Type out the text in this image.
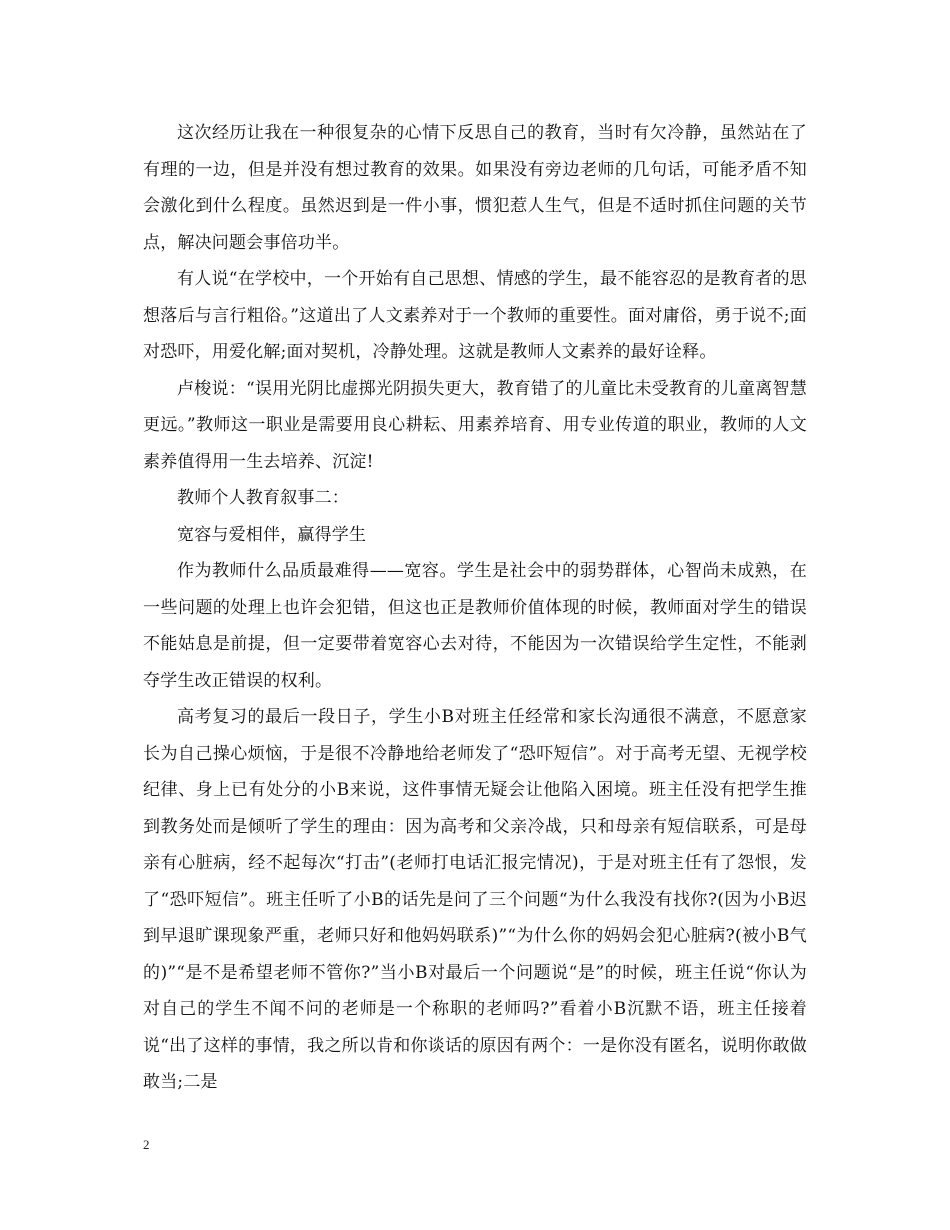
这次经历让我在一种很复杂的心情下反思自己的教育，当时有欠冷静，虽然站在了有理的一边，但是并没有想过教育的效果。如果没有旁边老师的几句话，可能矛盾不知会激化到什么程度。虽然迟到是一件小事，惯犯惹人生气，但是不适时抓住问题的关节点，解决问题会事倍功半。

有人说“在学校中，一个开始有自己思想、情感的学生，最不能容忍的是教育者的思想落后与言行粗俗。”这道出了人文素养对于一个教师的重要性。面对庸俗，勇于说不;面对恐吓，用爱化解;面对契机，冷静处理。这就是教师人文素养的最好诠释。

卢梭说：“误用光阴比虚掷光阴损失更大，教育错了的儿童比未受教育的儿童离智慧更远。”教师这一职业是需要用良心耕耘、用素养培育、用专业传道的职业，教师的人文素养值得用一生去培养、沉淀!

教师个人教育叙事二：

宽容与爱相伴，赢得学生

作为教师什么品质最难得——宽容。学生是社会中的弱势群体，心智尚未成熟，在一些问题的处理上也许会犯错，但这也正是教师价值体现的时候，教师面对学生的错误不能姑息是前提，但一定要带着宽容心去对待，不能因为一次错误给学生定性，不能剥夺学生改正错误的权利。

高考复习的最后一段日子，学生小B对班主任经常和家长沟通很不满意，不愿意家长为自己操心烦恼，于是很不冷静地给老师发了“恐吓短信”。对于高考无望、无视学校纪律、身上已有处分的小B来说，这件事情无疑会让他陷入困境。班主任没有把学生推到教务处而是倾听了学生的理由：因为高考和父亲冷战，只和母亲有短信联系，可是母亲有心脏病，经不起每次“打击”(老师打电话汇报完情况)，于是对班主任有了怨恨，发了“恐吓短信”。班主任听了小B的话先是问了三个问题“为什么我没有找你?(因为小B迟到早退旷课现象严重，老师只好和他妈妈联系)”“为什么你的妈妈会犯心脏病?(被小B气的)”“是不是希望老师不管你?”当小B对最后一个问题说“是”的时候，班主任说“你认为对自己的学生不闻不问的老师是一个称职的老师吗?”看着小B沉默不语，班主任接着说“出了这样的事情，我之所以肯和你谈话的原因有两个：一是你没有匿名，说明你敢做敢当;二是

2
